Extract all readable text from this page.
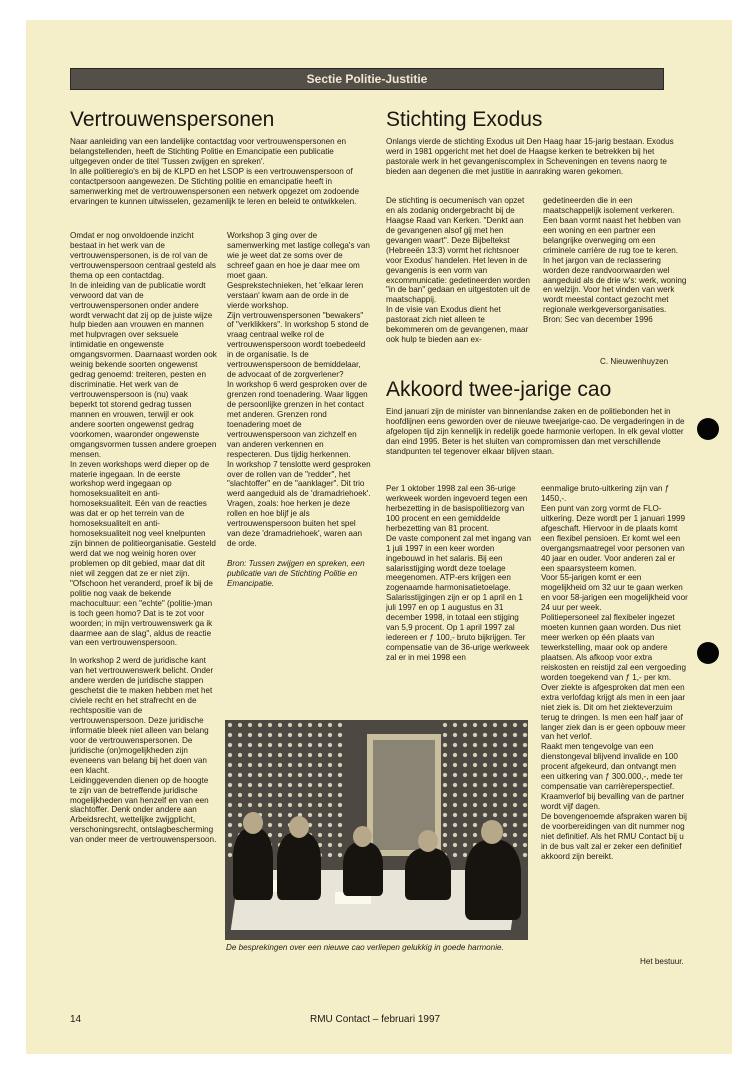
Sectie Politie-Justitie
Vertrouwenspersonen

Naar aanleiding van een landelijke contactdag voor vertrouwenspersonen en belangstellenden, heeft de Stichting Politie en Emancipatie een publicatie uitgegeven onder de titel 'Tussen zwijgen en spreken'.

In alle politieregio's en bij de KLPD en het LSOP is een vertrouwenspersoon of contactpersoon aangewezen. De Stichting politie en emancipatie heeft in samenwerking met de vertrouwenspersonen een netwerk opgezet om zodoende ervaringen te kunnen uitwisselen, gezamenlijk te leren en beleid te ontwikkelen.

Omdat er nog onvoldoende inzicht bestaat in het werk van de vertrouwenspersonen, is de rol van de vertrouwenspersoon centraal gesteld als thema op een contactdag.

In de inleiding van de publicatie wordt verwoord dat van de vertrouwenspersonen onder andere wordt verwacht dat zij op de juiste wijze hulp bieden aan vrouwen en mannen met hulpvragen over seksuele intimidatie en ongewenste omgangsvormen. Daarnaast worden ook weinig bekende soorten ongewenst gedrag genoemd: treiteren, pesten en discriminatie. Het werk van de vertrouwenspersoon is (nu) vaak beperkt tot storend gedrag tussen mannen en vrouwen, terwijl er ook andere soorten ongewenst gedrag voorkomen, waaronder ongewenste omgangsvormen tussen andere groepen mensen.

In zeven workshops werd dieper op de materie ingegaan. In de eerste workshop werd ingegaan op homoseksualiteit en anti-homoseksualiteit. Eén van de reacties was dat er op het terrein van de homoseksualiteit en anti-homoseksualiteit nog veel knelpunten zijn binnen de politieorganisatie. Gesteld werd dat we nog weinig horen over problemen op dit gebied, maar dat dit niet wil zeggen dat ze er niet zijn. "Ofschoon het veranderd, proef ik bij de politie nog vaak de bekende machocultuur: een "echte" (politie-)man is toch geen homo? Dat is te zot voor woorden; in mijn vertrouwenswerk ga ik daarmee aan de slag", aldus de reactie van een vertrouwenspersoon.

In workshop 2 werd de juridische kant van het vertrouwenswerk belicht. Onder andere werden de juridische stappen geschetst die te maken hebben met het civiele recht en het strafrecht en de rechtspositie van de vertrouwenspersoon. Deze juridische informatie bleek niet alleen van belang voor de vertrouwenspersonen. De juridische (on)mogelijkheden zijn eveneens van belang bij het doen van een klacht.

Leidinggevenden dienen op de hoogte te zijn van de betreffende juridische mogelijkheden van henzelf en van een slachtoffer. Denk onder andere aan Arbeidsrecht, wettelijke zwijgplicht, verschoningsrecht, ontslagbescherming van onder meer de vertrouwenspersoon.

Workshop 3 ging over de samenwerking met lastige collega's van wie je weet dat ze soms over de schreef gaan en hoe je daar mee om moet gaan.

Gesprekstechnieken, het 'elkaar leren verstaan' kwam aan de orde in de vierde workshop.

Zijn vertrouwenspersonen "bewakers" of "verklikkers". In workshop 5 stond de vraag centraal welke rol de vertrouwenspersoon wordt toebedeeld in de organisatie. Is de vertrouwenspersoon de bemiddelaar, de advocaat of de zorgverlener?

In workshop 6 werd gesproken over de grenzen rond toenadering. Waar liggen de persoonlijke grenzen in het contact met anderen. Grenzen rond toenadering moet de vertrouwenspersoon van zichzelf en van anderen verkennen en respecteren. Dus tijdig herkennen.

In workshop 7 tenslotte werd gesproken over de rollen van de "redder", het "slachtoffer" en de "aanklager". Dit trio werd aangeduid als de 'dramadriehoek'. Vragen, zoals: hoe herken je deze rollen en hoe blijf je als vertrouwenspersoon buiten het spel van deze 'dramadriehoek', waren aan de orde.

Bron: Tussen zwijgen en spreken, een publicatie van de Stichting Politie en Emancipatie.

Stichting Exodus
Onlangs vierde de stichting Exodus uit Den Haag haar 15-jarig bestaan. Exodus werd in 1981 opgericht met het doel de Haagse kerken te betrekken bij het pastorale werk in het gevangeniscomplex in Scheveningen en tevens naorg te bieden aan degenen die met justitie in aanraking waren gekomen.

De stichting is oecumenisch van opzet en als zodanig ondergebracht bij de Haagse Raad van Kerken. "Denkt aan de gevangenen alsof gij met hen gevangen waart". Deze Bijbeltekst (Hebreeën 13:3) vormt het richtsnoer voor Exodus' handelen. Het leven in de gevangenis is een vorm van excommunicatie: gedetineerden worden "in de ban" gedaan en uitgestoten uit de maatschappij.

In de visie van Exodus dient het pastoraat zich niet alleen te bekommeren om de gevangenen, maar ook hulp te bieden aan ex-

gedetineerden die in een maatschappelijk isolement verkeren. Een baan vormt naast het hebben van een woning en een partner een belangrijke overweging om een criminele carrière de rug toe te keren.

In het jargon van de reclassering worden deze randvoorwaarden wel aangeduid als de drie w's: werk, woning en welzijn. Voor het vinden van werk wordt meestal contact gezocht met regionale werkgeversorganisaties.

Bron: Sec van december 1996

C. Nieuwenhuyzen
Akkoord twee-jarige cao
Eind januari zijn de minister van binnenlandse zaken en de politiebonden het in hoofdlijnen eens geworden over de nieuwe tweejarige-cao. De vergaderingen in de afgelopen tijd zijn kennelijk in redelijk goede harmonie verlopen. In elk geval vlotter dan eind 1995. Beter is het sluiten van compromissen dan met verschillende standpunten tel tegenover elkaar blijven staan.

Per 1 oktober 1998 zal een 36-urige werkweek worden ingevoerd tegen een herbezetting in de basispolitiezorg van 100 procent en een gemiddelde herbezetting van 81 procent.

De vaste component zal met ingang van 1 juli 1997 in een keer worden ingebouwd in het salaris. Bij een salarisstijging wordt deze toelage meegenomen. ATP-ers krijgen een zogenaamde harmonisatietoelage. Salarisstijgingen zijn er op 1 april en 1 juli 1997 en op 1 augustus en 31 december 1998, in totaal een stijging van 5,9 procent. Op 1 april 1997 zal iedereen er ƒ 100,- bruto bijkrijgen. Ter compensatie van de 36-urige werkweek zal er in mei 1998 een

eenmalige bruto-uitkering zijn van ƒ 1450,-.

Een punt van zorg vormt de FLO-uitkering. Deze wordt per 1 januari 1999 afgeschaft. Hiervoor in de plaats komt een flexibel pensioen. Er komt wel een overgangsmaatregel voor personen van 40 jaar en ouder. Voor anderen zal er een spaarsysteem komen.

Voor 55-jarigen komt er een mogelijkheid om 32 uur te gaan werken en voor 58-jarigen een mogelijkheid voor 24 uur per week.

Politiepersoneel zal flexibeler ingezet moeten kunnen gaan worden. Dus niet meer werken op één plaats van tewerkstelling, maar ook op andere plaatsen. Als afkoop voor extra reiskosten en reistijd zal een vergoeding worden toegekend van ƒ 1,- per km.

Over ziekte is afgesproken dat men een extra verlofdag krijgt als men in een jaar niet ziek is. Dit om het ziekteverzuim terug te dringen. Is men een half jaar of langer ziek dan is er geen opbouw meer van het verlof.

Raakt men tengevolge van een dienstongeval blijvend invalide en 100 procent afgekeurd, dan ontvangt men een uitkering van ƒ 300.000,-, mede ter compensatie van carrièreperspectief.

Kraamverlof bij bevalling van de partner wordt vijf dagen.

De bovengenoemde afspraken waren bij de voorbereidingen van dit nummer nog niet definitief. Als het RMU Contact bij u in de bus valt zal er zeker een definitief akkoord zijn bereikt.

Het bestuur.
De besprekingen over een nieuwe cao verliepen gelukkig in goede harmonie.
14	RMU Contact – februari 1997
